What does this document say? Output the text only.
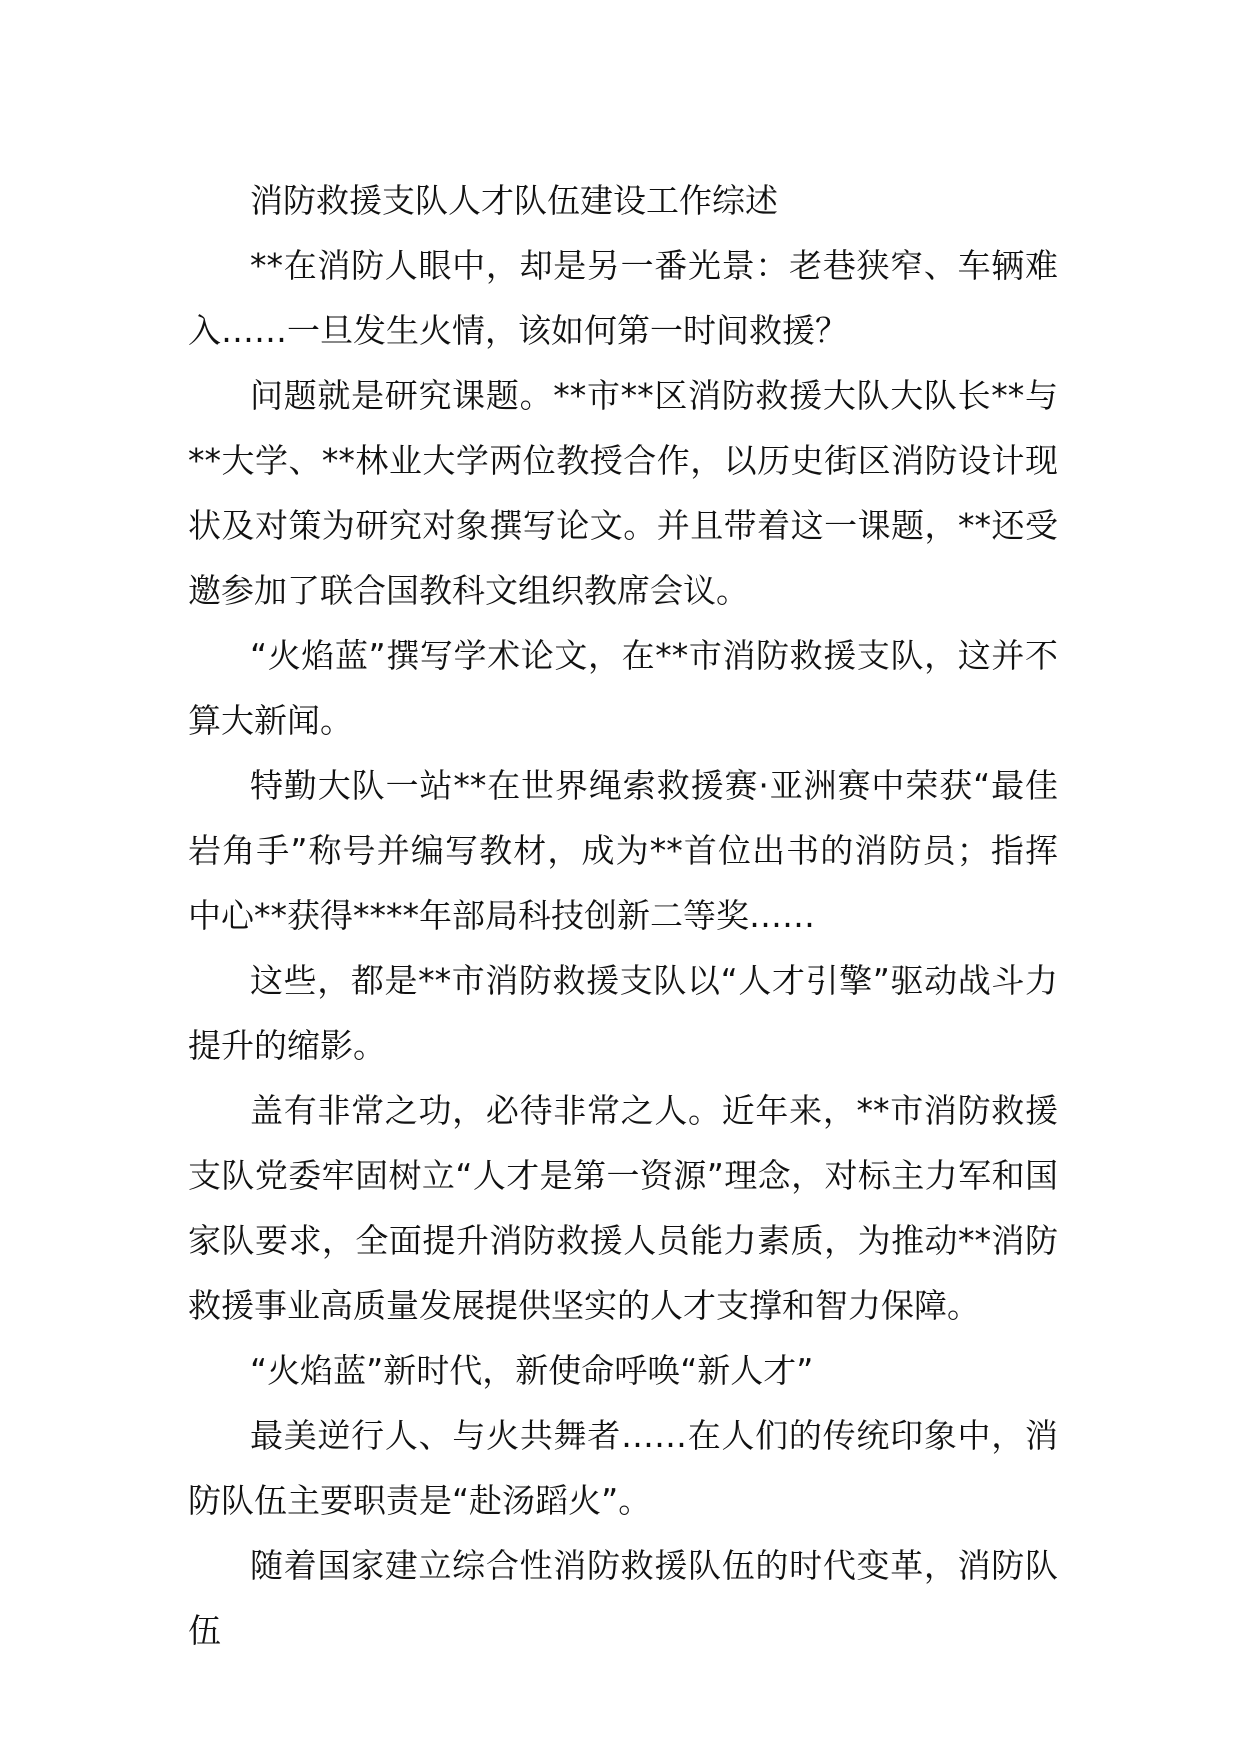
消防救援支队人才队伍建设工作综述

**在消防人眼中，却是另一番光景：老巷狭窄、车辆难入……一旦发生火情，该如何第一时间救援？

问题就是研究课题。**市**区消防救援大队大队长**与**大学、**林业大学两位教授合作，以历史街区消防设计现状及对策为研究对象撰写论文。并且带着这一课题，**还受邀参加了联合国教科文组织教席会议。

“火焰蓝”撰写学术论文，在**市消防救援支队，这并不算大新闻。

特勤大队一站**在世界绳索救援赛·亚洲赛中荣获“最佳岩角手”称号并编写教材，成为**首位出书的消防员；指挥中心**获得****年部局科技创新二等奖……

这些，都是**市消防救援支队以“人才引擎”驱动战斗力提升的缩影。

盖有非常之功，必待非常之人。近年来，**市消防救援支队党委牢固树立“人才是第一资源”理念，对标主力军和国家队要求，全面提升消防救援人员能力素质，为推动**消防救援事业高质量发展提供坚实的人才支撑和智力保障。

“火焰蓝”新时代，新使命呼唤“新人才”

最美逆行人、与火共舞者……在人们的传统印象中，消防队伍主要职责是“赴汤蹈火”。

随着国家建立综合性消防救援队伍的时代变革，消防队伍
